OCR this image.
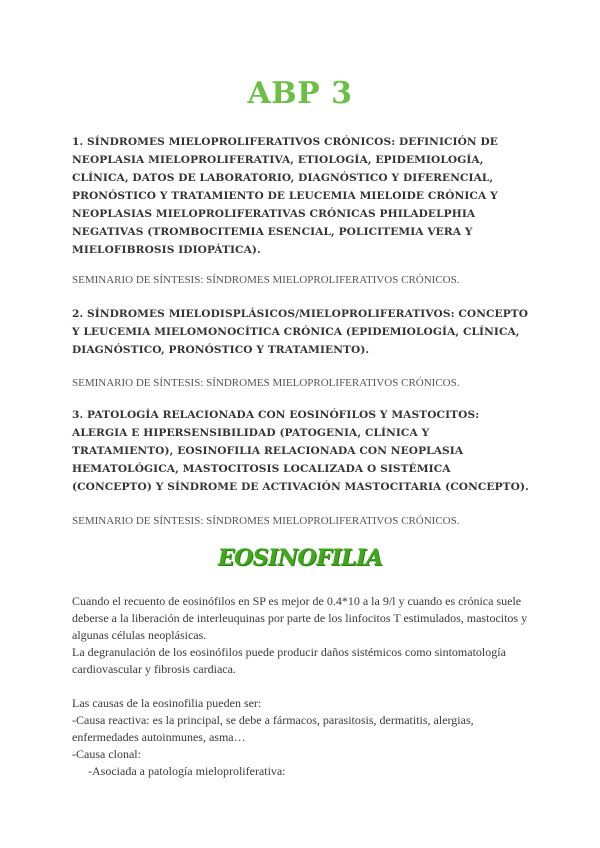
ABP 3
1. SÍNDROMES MIELOPROLIFERATIVOS CRÓNICOS: DEFINICIÓN DE NEOPLASIA MIELOPROLIFERATIVA, ETIOLOGÍA, EPIDEMIOLOGÍA, CLÍNICA, DATOS DE LABORATORIO, DIAGNÓSTICO Y DIFERENCIAL, PRONÓSTICO Y TRATAMIENTO DE LEUCEMIA MIELOIDE CRÓNICA Y NEOPLASIAS MIELOPROLIFERATIVAS CRÓNICAS PHILADELPHIA NEGATIVAS (TROMBOCITEMIA ESENCIAL, POLICITEMIA VERA Y MIELOFIBROSIS IDIOPÁTICA).
SEMINARIO DE SÍNTESIS: SÍNDROMES MIELOPROLIFERATIVOS CRÓNICOS.
2. SÍNDROMES MIELODISPLÁSICOS/MIELOPROLIFERATIVOS: CONCEPTO Y LEUCEMIA MIELOMONOCÍTICA CRÓNICA (EPIDEMIOLOGÍA, CLÍNICA, DIAGNÓSTICO, PRONÓSTICO Y TRATAMIENTO).
SEMINARIO DE SÍNTESIS: SÍNDROMES MIELOPROLIFERATIVOS CRÓNICOS.
3. PATOLOGÍA RELACIONADA CON EOSINÓFILOS Y MASTOCITOS: ALERGIA E HIPERSENSIBILIDAD (PATOGENIA, CLÍNICA Y TRATAMIENTO), EOSINOFILIA RELACIONADA CON NEOPLASIA HEMATOLÓGICA, MASTOCITOSIS LOCALIZADA O SISTÉMICA (CONCEPTO) Y SÍNDROME DE ACTIVACIÓN MASTOCITARIA (CONCEPTO).
SEMINARIO DE SÍNTESIS: SÍNDROMES MIELOPROLIFERATIVOS CRÓNICOS.
EOSINOFILIA

Cuando el recuento de eosinófilos en SP es mejor de 0.4*10 a la 9/l y cuando es crónica suele deberse a la liberación de interleuquinas por parte de los linfocitos T estimulados, mastocitos y algunas células neoplásicas.

La degranulación de los eosinófilos puede producir daños sistémicos como sintomatología cardiovascular y fibrosis cardiaca.

Las causas de la eosinofilia pueden ser:

-Causa reactiva: es la principal, se debe a fármacos, parasitosis, dermatitis, alergias, enfermedades autoinmunes, asma…

-Causa clonal:

-Asociada a patología mieloproliferativa:
